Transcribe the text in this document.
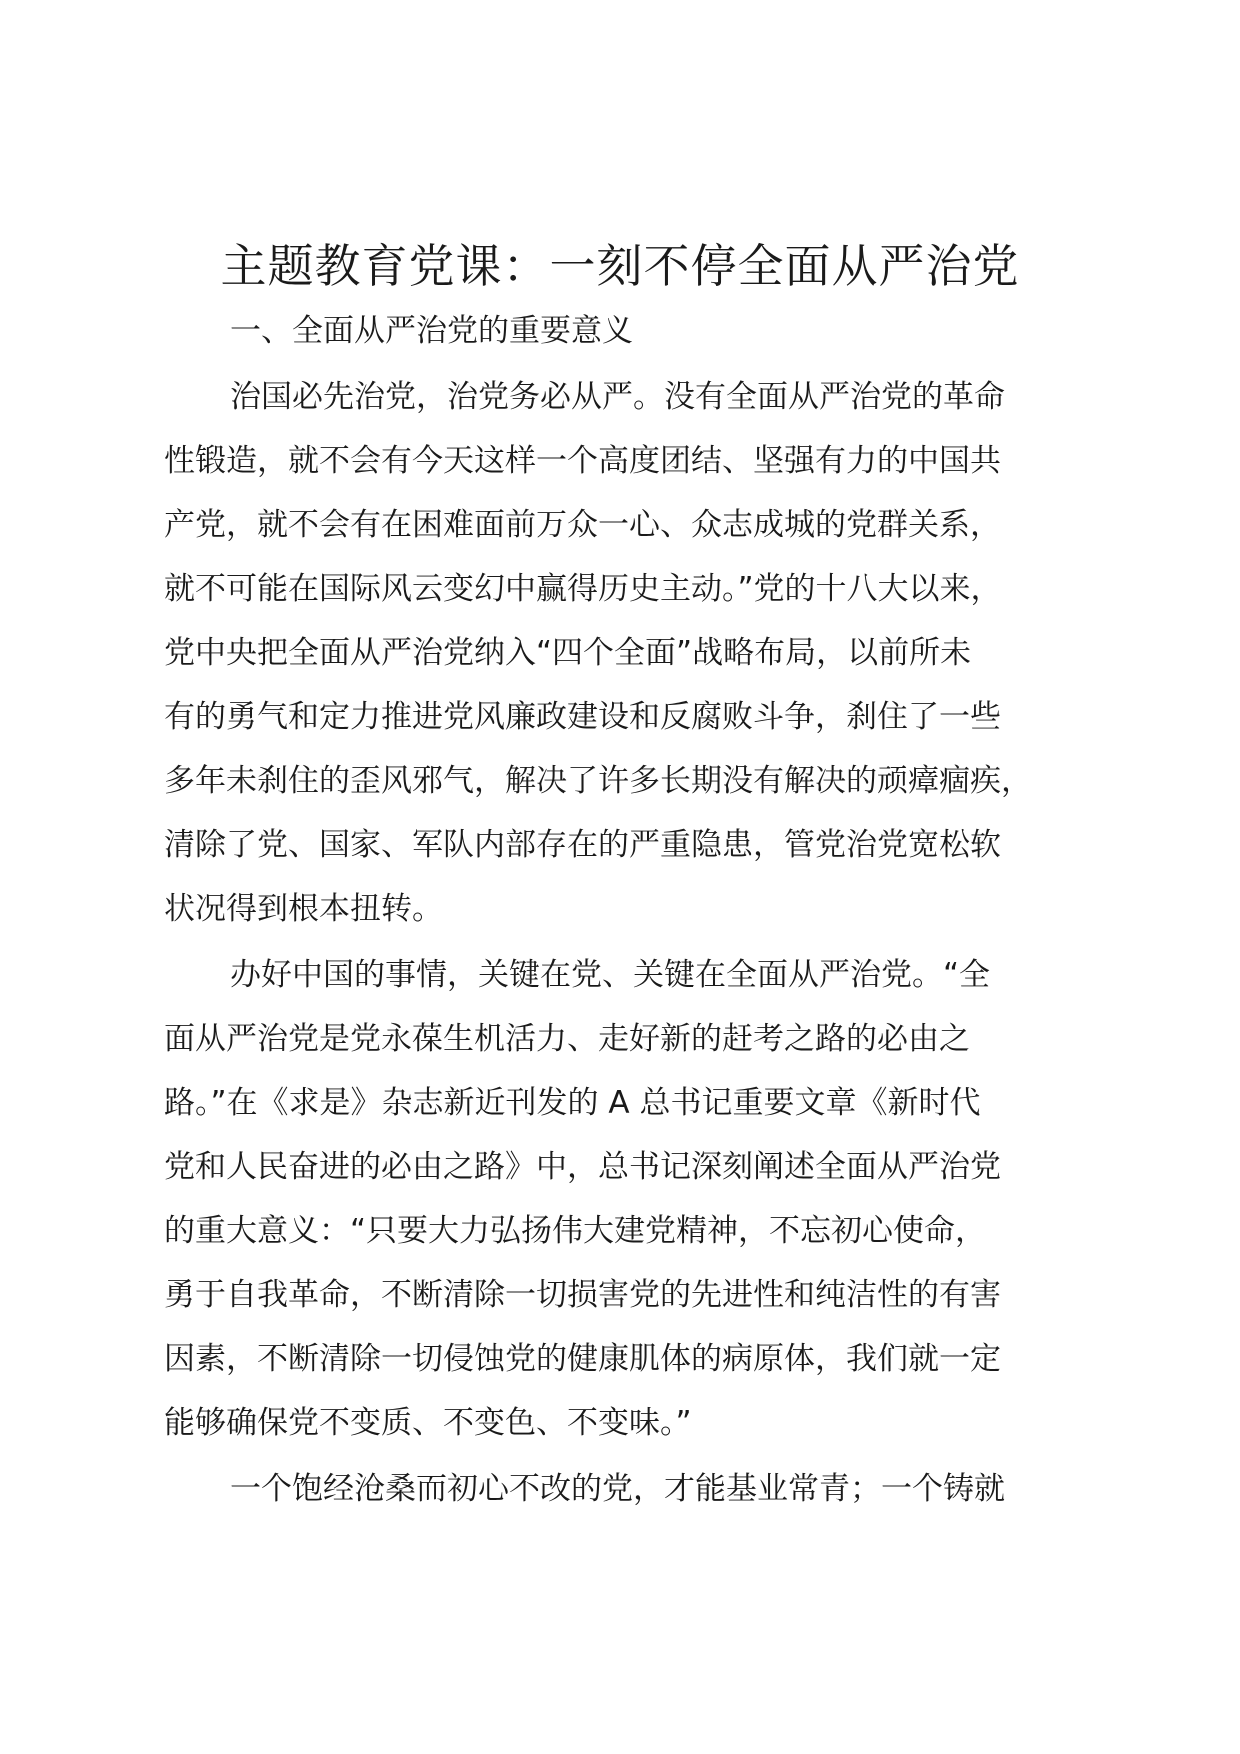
主题教育党课：一刻不停全面从严治党
一、全面从严治党的重要意义

治国必先治党，治党务必从严。没有全面从严治党的革命

性锻造，就不会有今天这样一个高度团结、坚强有力的中国共

产党，就不会有在困难面前万众一心、众志成城的党群关系，

就不可能在国际风云变幻中赢得历史主动。”党的十八大以来，

党中央把全面从严治党纳入“四个全面”战略布局，以前所未

有的勇气和定力推进党风廉政建设和反腐败斗争，刹住了一些

多年未刹住的歪风邪气，解决了许多长期没有解决的顽瘴痼疾，

清除了党、国家、军队内部存在的严重隐患，管党治党宽松软

状况得到根本扭转。

办好中国的事情，关键在党、关键在全面从严治党。“全

面从严治党是党永葆生机活力、走好新的赶考之路的必由之

路。”在《求是》杂志新近刊发的 A 总书记重要文章《新时代

党和人民奋进的必由之路》中，总书记深刻阐述全面从严治党

的重大意义：“只要大力弘扬伟大建党精神，不忘初心使命，

勇于自我革命，不断清除一切损害党的先进性和纯洁性的有害

因素，不断清除一切侵蚀党的健康肌体的病原体，我们就一定

能够确保党不变质、不变色、不变味。”

一个饱经沧桑而初心不改的党，才能基业常青；一个铸就
